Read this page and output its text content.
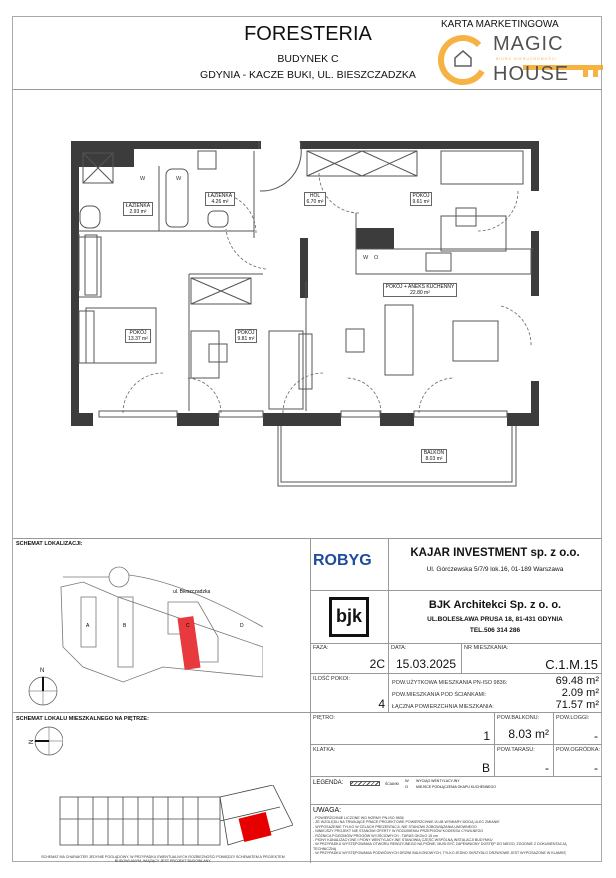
FORESTERIA
BUDYNEK C
GDYNIA - KACZE BUKI, UL. BIESZCZADZKA
KARTA MARKETINGOWA
MAGIC
BIURO NIERUCHOMOŚCI
HOUSE
ŁAZIENKA
2.93 m²
ŁAZIENKA
4.26 m²
HOL
6.70 m²
POKÓJ
9.61 m²
POKÓJ + ANEKS KUCHENNY
22.80 m²
POKÓJ
13.37 m²
POKÓJ
9.81 m²
BALKON
8.03 m²
W	W
W O
SCHEMAT LOKALIZACJI:
ul. Bieszczadzka
A	B	C	D
N
SCHEMAT LOKALU MIESZKALNEGO NA PIĘTRZE:
N
SCHEMAT MA CHARAKTER JEDYNIE POGLĄDOWY, W PRZYPADKU EWENTUALNYCH ROZBIEŻNOŚCI POMIĘDZY SCHEMATEM A PROJEKTEM BUDOWLANYM, WIĄŻĄCY JEST PROJEKT BUDOWLANY.
ROBYG	KAJAR INVESTMENT sp. z o.o.
Ul. Górczewska 5/7/9 lok.16, 01-189 Warszawa
bjk
BJK Architekci Sp. z o. o.
UL.BOLESŁAWA PRUSA 18, 81-431 GDYNIA
TEL.506 314 286
FAZA:
2C
DATA:
15.03.2025
NR MIESZKANIA:
C.1.M.15
ILOŚĆ POKOI:
4
POW.UŻYTKOWA MIESZKANIA PN-ISO 9836:	69.48 m²
POW.MIESZKANIA POD ŚCIANKAMI:	2.09 m²
ŁĄCZNA POWIERZCHNIA MIESZKANIA:	71.57 m²
PIĘTRO:
1
POW.BALKONU:
8.03 m²
POW.LOGGI:
-
KLATKA:
B
POW.TARASU:
-
POW.OGRÓDKA:
-
LEGENDA:	ŚCIANKI
W
O
WYCIĄG WENTYLACYJNY
MIEJSCE PODŁĄCZENIA OKAPU KUCHENNEGO
UWAGA:
- POWIERZCHNIE LICZONE WG NORMY PN-ISO 9836
- ZE WZGLĘDU NA TRWAJĄCE PRACE PROJEKTOWE POWIERZCHNIE I/LUB WYMIARY MOGĄ ULEC ZMIANIE
- WYPOSAŻENIE TYLKO W CELACH PREZENTACJI, NIE STANOWI ZOBOWIĄZANIA UMOWNEGO
- NINIEJSZY PROJEKT NIE STANOWI OFERTY W ROZUMIENIU PRZEPISÓW KODEKSU CYWILNEGO
- RÓŻNICA POZIOMÓW PROGÓW WYJŚCIOWYCH - TARAS OKOŁO 15 cm
- PIONY KANALIZACYJNE I PIONY WENTYLACYJNE STANOWIĄ CZĘŚĆ WSPÓLNĄ INSTALACJI BUDYNKU
- W PRZYPADKU WYSTĘPOWANIA OTWORU REWIZYJNEGO NA PIONIE, MUSI BYĆ ZAPEWNIONY DOSTĘP DO NIEGO, ZGODNIE Z DOKUMENTACJĄ TECHNICZNĄ
- W PRZYPADKU WYSTĘPOWANIA PODWÓJNYCH DRZWI BALKONOWYCH, TYLKO JEDNO SKRZYDŁO DRZWIOWE JEST WYPOSAŻONE W KLAMKĘ
